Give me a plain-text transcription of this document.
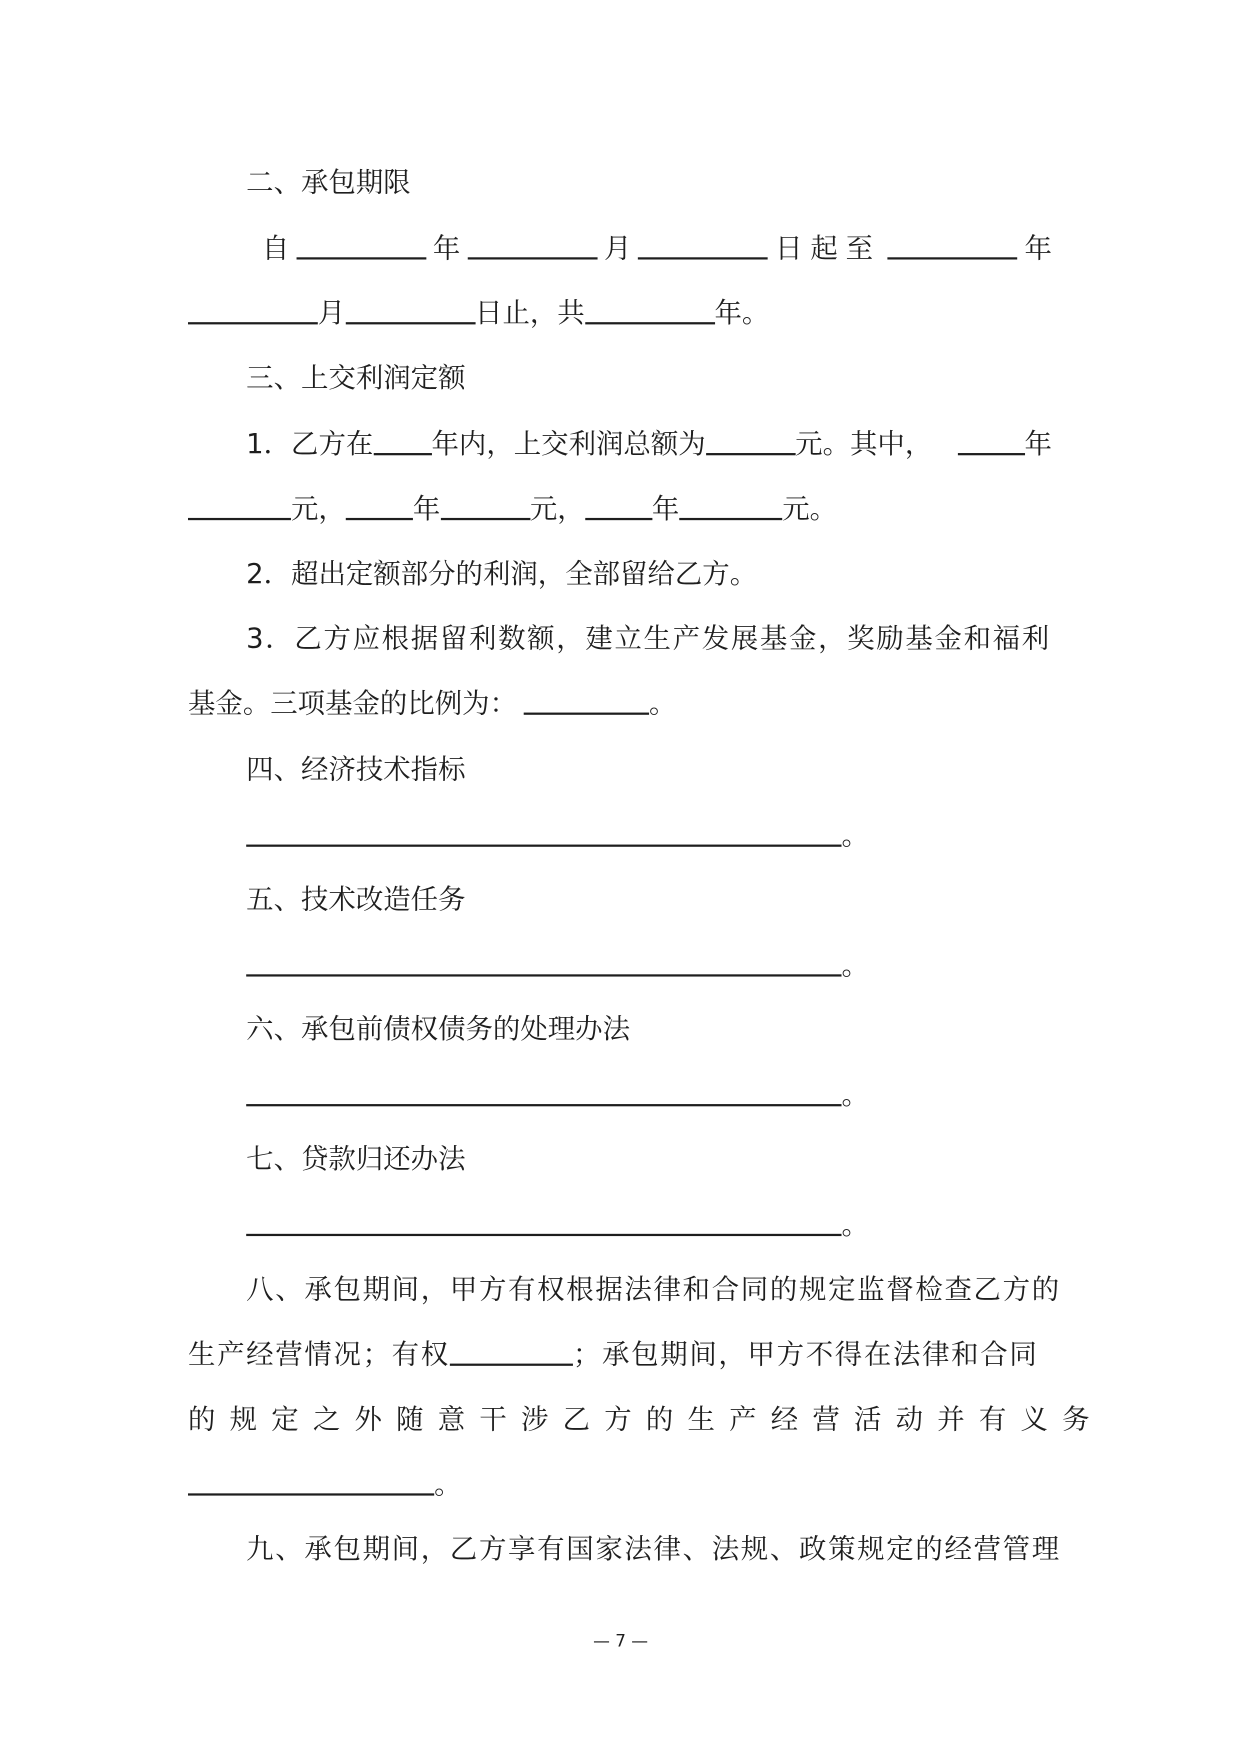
二、承包期限
自	年	月	日起至	年
月	日止，共	年。
三、上交利润定额
1．乙方在 年内，上交利润总额为	元。其中，	年
元，	年	元，	年	元。
2．超出定额部分的利润，全部留给乙方。
3．乙方应根据留利数额，建立生产发展基金，奖励基金和福利
基金。三项基金的比例为：	。
四、经济技术指标
。
五、技术改造任务
。
六、承包前债权债务的处理办法
。
七、贷款归还办法
。
八、承包期间，甲方有权根据法律和合同的规定监督检查乙方的
生产经营情况；有权	；承包期间，甲方不得在法律和合同
的规定之外随意干涉乙方的生产经营活动并有义务
。
九、承包期间，乙方享有国家法律、法规、政策规定的经营管理
— 7 —
